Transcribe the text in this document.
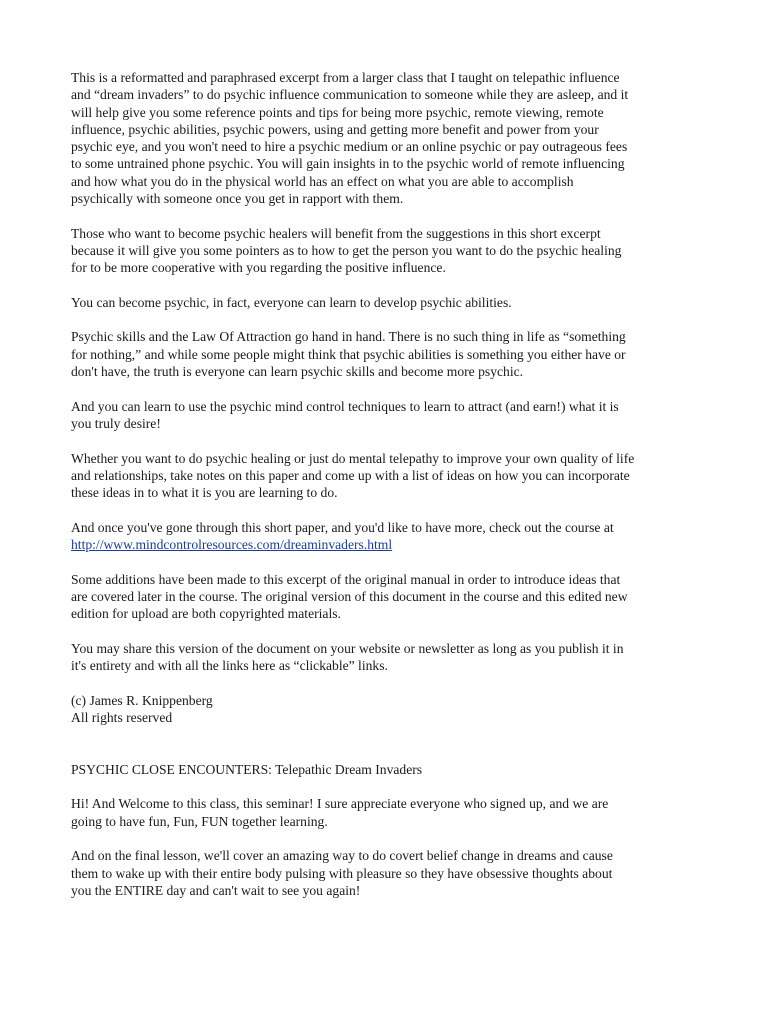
This is a reformatted and paraphrased excerpt from a larger class that I taught on telepathic influence
and “dream invaders” to do psychic influence communication to someone while they are asleep, and it
will help give you some reference points and tips for being more psychic, remote viewing, remote
influence, psychic abilities, psychic powers, using and getting more benefit and power from your
psychic eye, and you won't need to hire a psychic medium or an online psychic or pay outrageous fees
to some untrained phone psychic. You will gain insights in to the psychic world of remote influencing
and how what you do in the physical world has an effect on what you are able to accomplish
psychically with someone once you get in rapport with them.

Those who want to become psychic healers will benefit from the suggestions in this short excerpt
because it will give you some pointers as to how to get the person you want to do the psychic healing
for to be more cooperative with you regarding the positive influence.

You can become psychic, in fact, everyone can learn to develop psychic abilities.

Psychic skills and the Law Of Attraction go hand in hand. There is no such thing in life as “something
for nothing,” and while some people might think that psychic abilities is something you either have or
don't have, the truth is everyone can learn psychic skills and become more psychic.

And you can learn to use the psychic mind control techniques to learn to attract (and earn!) what it is
you truly desire!

Whether you want to do psychic healing or just do mental telepathy to improve your own quality of life
and relationships, take notes on this paper and come up with a list of ideas on how you can incorporate
these ideas in to what it is you are learning to do.

And once you've gone through this short paper, and you'd like to have more, check out the course at
http://www.mindcontrolresources.com/dreaminvaders.html

Some additions have been made to this excerpt of the original manual in order to introduce ideas that
are covered later in the course. The original version of this document in the course and this edited new
edition for upload are both copyrighted materials.

You may share this version of the document on your website or newsletter as long as you publish it in
it's entirety and with all the links here as “clickable” links.

(c) James R. Knippenberg
All rights reserved

PSYCHIC CLOSE ENCOUNTERS: Telepathic Dream Invaders

Hi! And Welcome to this class, this seminar! I sure appreciate everyone who signed up, and we are
going to have fun, Fun, FUN together learning.

And on the final lesson, we'll cover an amazing way to do covert belief change in dreams and cause
them to wake up with their entire body pulsing with pleasure so they have obsessive thoughts about
you the ENTIRE day and can't wait to see you again!
